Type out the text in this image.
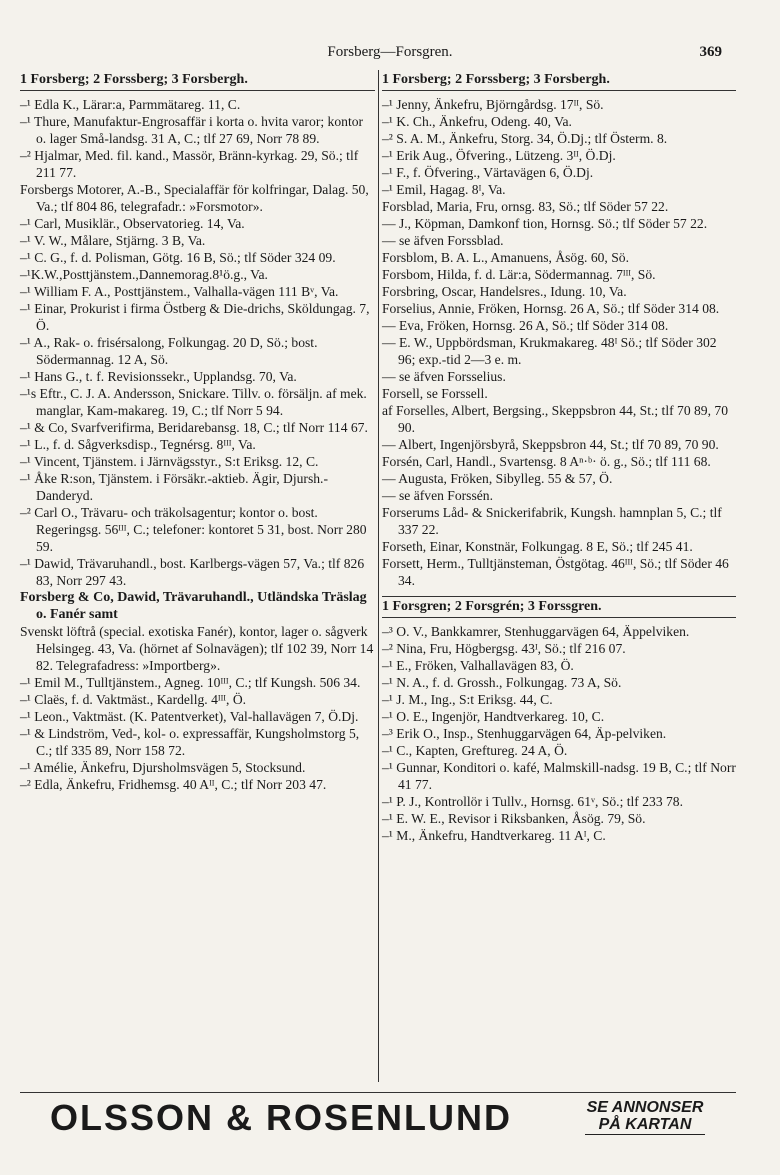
Forsberg—Forsgren.	369
1 Forsberg; 2 Forssberg; 3 Forsbergh.
–¹ Edla K., Lärar:a, Parmmätareg. 11, C.
–¹ Thure, Manufaktur-Engrosaffär i korta o. hvita varor; kontor o. lager Små-landsg. 31 A, C.; tlf 27 69, Norr 78 89.
–² Hjalmar, Med. fil. kand., Massör, Bränn-kyrkag. 29, Sö.; tlf 211 77.
Forsbergs Motorer, A.-B., Specialaffär för kolfringar, Dalag. 50, Va.; tlf 804 86, telegrafadr.: »Forsmotor».
–¹ Carl, Musiklär., Observatorieg. 14, Va.
–¹ V. W., Målare, Stjärng. 3 B, Va.
–¹ C. G., f. d. Polisman, Götg. 16 B, Sö.; tlf Söder 324 09.
–¹K.W.,Posttjänstem.,Dannemorag.8¹ö.g., Va.
–¹ William F. A., Posttjänstem., Valhalla-vägen 111 Bᵛ, Va.
–¹ Einar, Prokurist i firma Östberg & Die-drichs, Sköldungag. 7, Ö.
–¹ A., Rak- o. frisérsalong, Folkungag. 20 D, Sö.; bost. Södermannag. 12 A, Sö.
–¹ Hans G., t. f. Revisionssekr., Upplandsg. 70, Va.
–¹s Eftr., C. J. A. Andersson, Snickare. Tillv. o. försäljn. af mek. manglar, Kam-makareg. 19, C.; tlf Norr 5 94.
–¹ & Co, Svarfverifirma, Beridarebansg. 18, C.; tlf Norr 114 67.
–¹ L., f. d. Sågverksdisp., Tegnérsg. 8ᴵᴵᴵ, Va.
–¹ Vincent, Tjänstem. i Järnvägsstyr., S:t Eriksg. 12, C.
–¹ Åke R:son, Tjänstem. i Försäkr.-aktieb. Ägir, Djursh.-Danderyd.
–² Carl O., Trävaru- och träkolsagentur; kontor o. bost. Regeringsg. 56ᴵᴵᴵ, C.; telefoner: kontoret 5 31, bost. Norr 280 59.
–¹ Dawid, Trävaruhandl., bost. Karlbergs-vägen 57, Va.; tlf 826 83, Norr 297 43.
Forsberg & Co, Dawid, Trävaruhandl., Utländska Träslag o. Fanér samt
Svenskt löftrå (special. exotiska Fanér), kontor, lager o. sågverk Helsingeg. 43, Va. (hörnet af Solnavägen); tlf 102 39, Norr 14 82. Telegrafadress: »Importberg».
–¹ Emil M., Tulltjänstem., Agneg. 10ᴵᴵᴵ, C.; tlf Kungsh. 506 34.
–¹ Claës, f. d. Vaktmäst., Kardellg. 4ᴵᴵᴵ, Ö.
–¹ Leon., Vaktmäst. (K. Patentverket), Val-hallavägen 7, Ö.Dj.
–¹ & Lindström, Ved-, kol- o. expressaffär, Kungsholmstorg 5, C.; tlf 335 89, Norr 158 72.
–¹ Amélie, Änkefru, Djursholmsvägen 5, Stocksund.
–² Edla, Änkefru, Fridhemsg. 40 Aᴵᴵ, C.; tlf Norr 203 47.
1 Forsberg; 2 Forssberg; 3 Forsbergh.
–¹ Jenny, Änkefru, Björngårdsg. 17ᴵᴵ, Sö.
–¹ K. Ch., Änkefru, Odeng. 40, Va.
–² S. A. M., Änkefru, Storg. 34, Ö.Dj.; tlf Österm. 8.
–¹ Erik Aug., Öfvering., Lützeng. 3ᴵᴵ, Ö.Dj.
–¹ F., f. Öfvering., Värtavägen 6, Ö.Dj.
–¹ Emil, Hagag. 8ᴵ, Va.
Forsblad, Maria, Fru, ornsg. 83, Sö.; tlf Söder 57 22.
— J., Köpman, Damkonf tion, Hornsg. Sö.; tlf Söder 57 22.
— se äfven Forssblad.
Forsblom, B. A. L., Amanuens, Åsög. 60, Sö.
Forsbom, Hilda, f. d. Lär:a, Södermannag. 7ᴵᴵᴵ, Sö.
Forsbring, Oscar, Handelsres., Idung. 10, Va.
Forselius, Annie, Fröken, Hornsg. 26 A, Sö.; tlf Söder 314 08.
— Eva, Fröken, Hornsg. 26 A, Sö.; tlf Söder 314 08.
— E. W., Uppbördsman, Krukmakareg. 48ᴵ Sö.; tlf Söder 302 96; exp.-tid 2—3 e. m.
— se äfven Forsselius.
Forsell, se Forssell.
af Forselles, Albert, Bergsing., Skeppsbron 44, St.; tlf 70 89, 70 90.
— Albert, Ingenjörsbyrå, Skeppsbron 44, St.; tlf 70 89, 70 90.
Forsén, Carl, Handl., Svartensg. 8 Aⁿ·ᵇ· ö. g., Sö.; tlf 111 68.
— Augusta, Fröken, Sibylleg. 55 & 57, Ö.
— se äfven Forssén.
Forserums Låd- & Snickerifabrik, Kungsh. hamnplan 5, C.; tlf 337 22.
Forseth, Einar, Konstnär, Folkungag. 8 E, Sö.; tlf 245 41.
Forsett, Herm., Tulltjänsteman, Östgötag. 46ᴵᴵᴵ, Sö.; tlf Söder 46 34.
1 Forsgren; 2 Forsgrén; 3 Forssgren.
–³ O. V., Bankkamrer, Stenhuggarvägen 64, Äppelviken.
–² Nina, Fru, Högbergsg. 43ᴵ, Sö.; tlf 216 07.
–¹ E., Fröken, Valhallavägen 83, Ö.
–¹ N. A., f. d. Grossh., Folkungag. 73 A, Sö.
–¹ J. M., Ing., S:t Eriksg. 44, C.
–¹ O. E., Ingenjör, Handtverkareg. 10, C.
–³ Erik O., Insp., Stenhuggarvägen 64, Äp-pelviken.
–¹ C., Kapten, Greftureg. 24 A, Ö.
–¹ Gunnar, Konditori o. kafé, Malmskill-nadsg. 19 B, C.; tlf Norr 41 77.
–¹ P. J., Kontrollör i Tullv., Hornsg. 61ᵛ, Sö.; tlf 233 78.
–¹ E. W. E., Revisor i Riksbanken, Åsög. 79, Sö.
–¹ M., Änkefru, Handtverkareg. 11 Aᴵ, C.
OLSSON & ROSENLUND	SE ANNONSER
PÅ KARTAN
